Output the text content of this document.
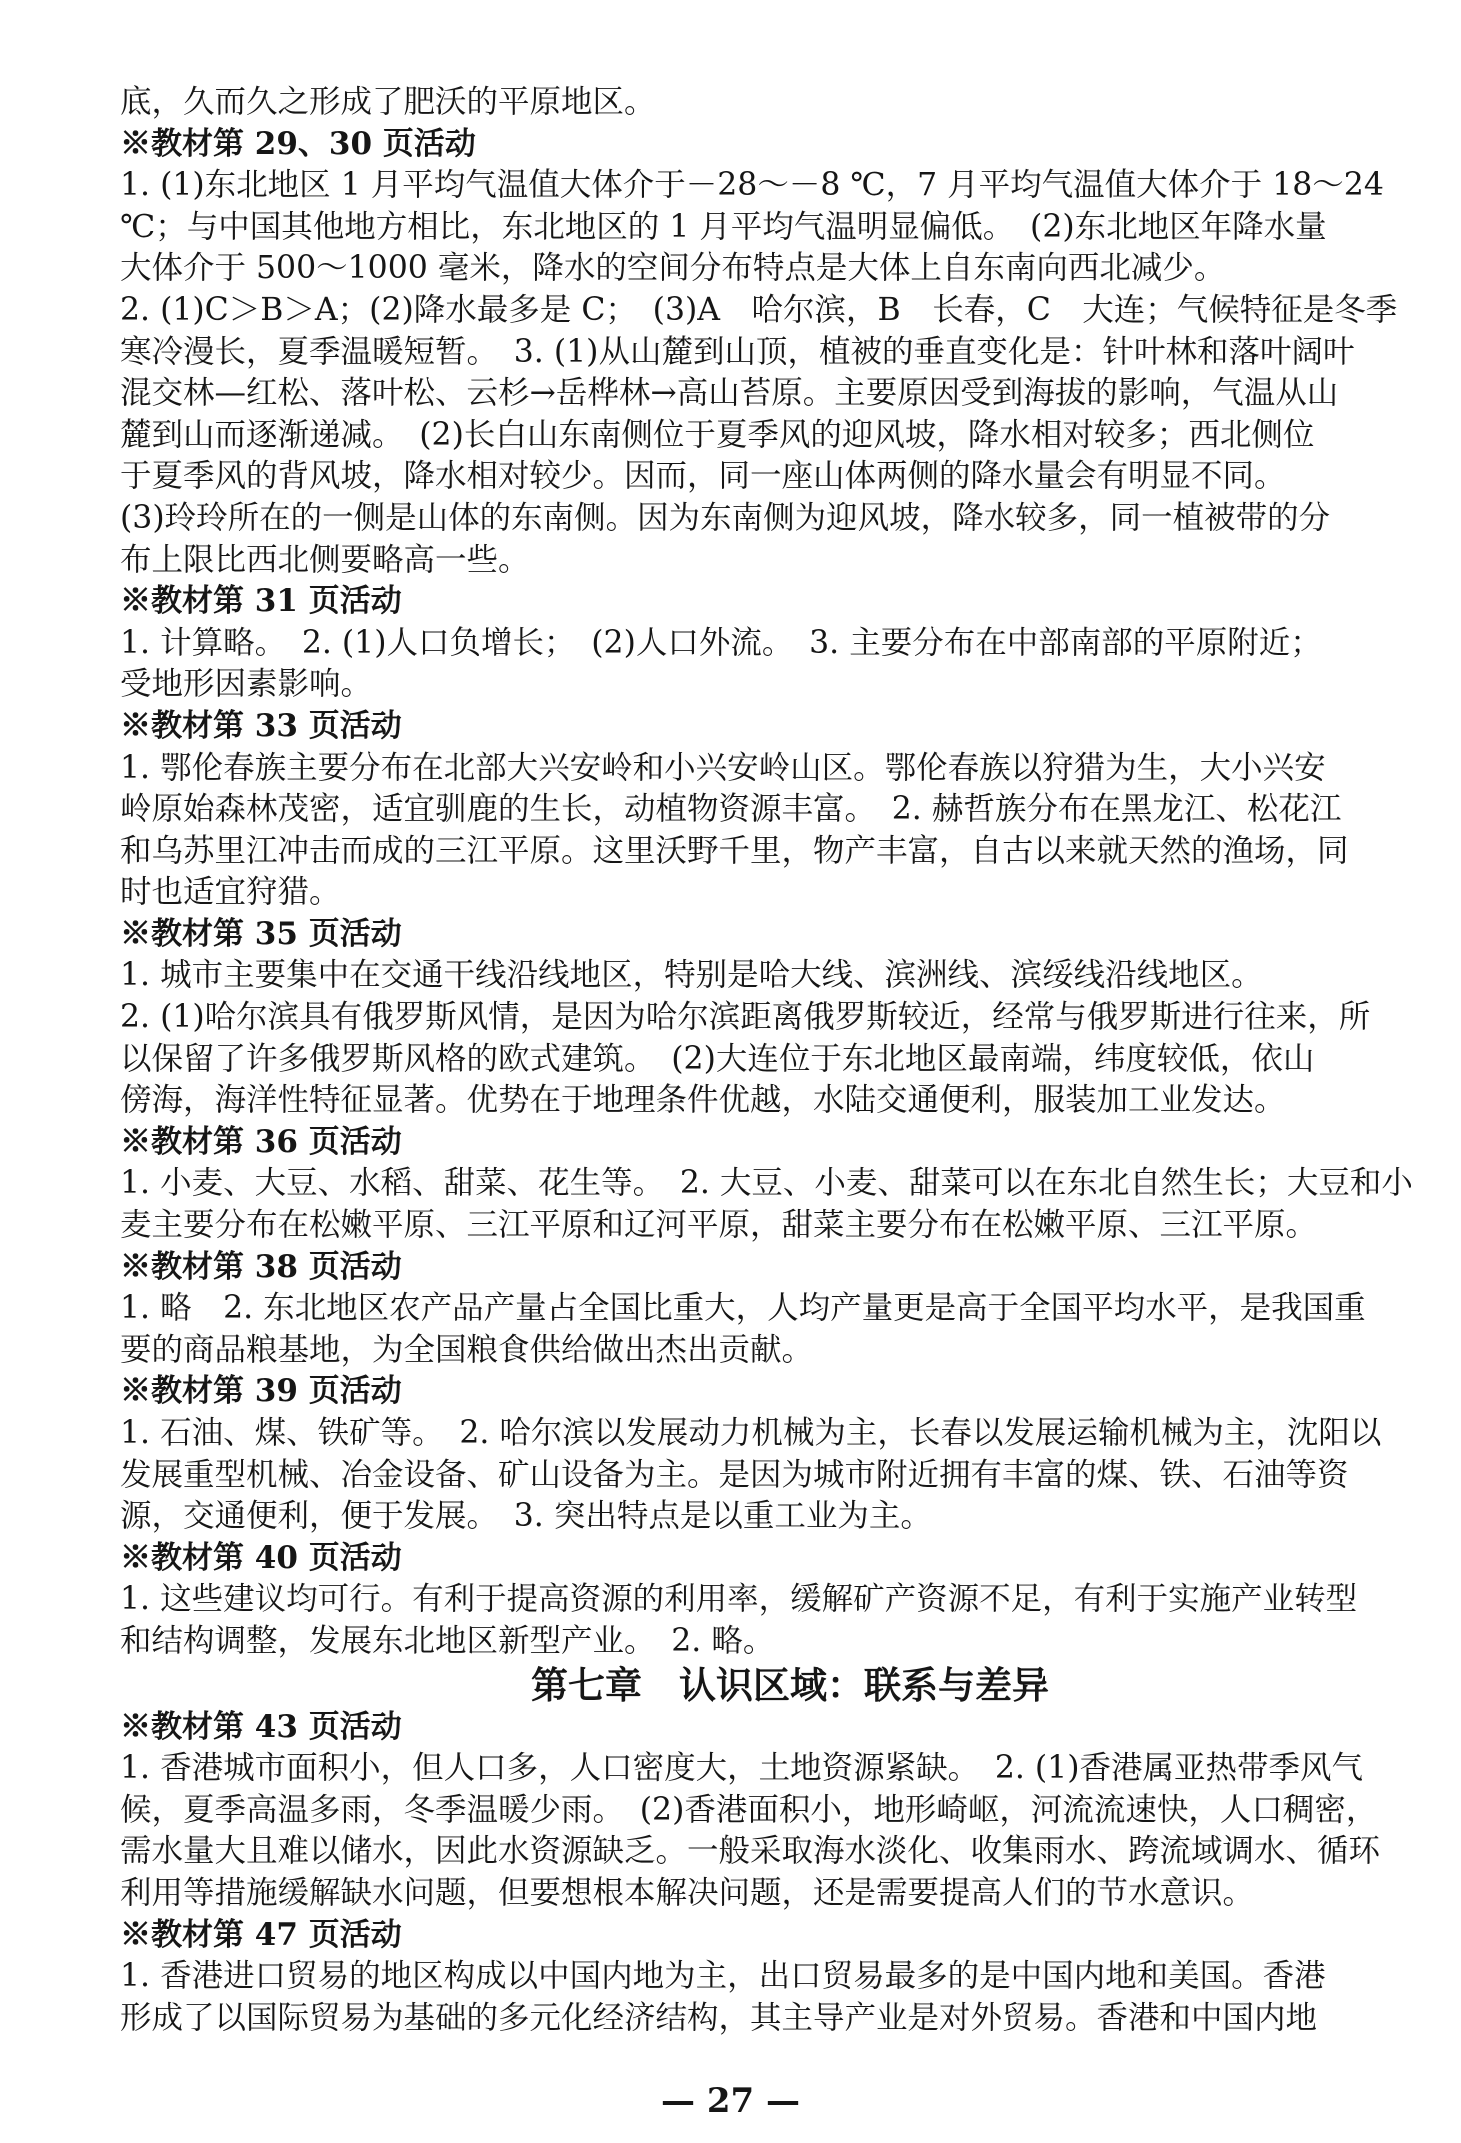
底，久而久之形成了肥沃的平原地区。

※教材第 29、30 页活动

1. (1)东北地区 1 月平均气温值大体介于－28～－8 ℃，7 月平均气温值大体介于 18～24

℃；与中国其他地方相比，东北地区的 1 月平均气温明显偏低。　(2)东北地区年降水量

大体介于 500～1000 毫米，降水的空间分布特点是大体上自东南向西北减少。

2. (1)C＞B＞A；(2)降水最多是 C；　(3)A　哈尔滨，B　长春，C　大连；气候特征是冬季

寒冷漫长，夏季温暖短暂。　3. (1)从山麓到山顶，植被的垂直变化是：针叶林和落叶阔叶

混交林—红松、落叶松、云杉→岳桦林→高山苔原。主要原因受到海拔的影响，气温从山

麓到山而逐渐递减。　(2)长白山东南侧位于夏季风的迎风坡，降水相对较多；西北侧位

于夏季风的背风坡，降水相对较少。因而，同一座山体两侧的降水量会有明显不同。

(3)玲玲所在的一侧是山体的东南侧。因为东南侧为迎风坡，降水较多，同一植被带的分

布上限比西北侧要略高一些。

※教材第 31 页活动

1. 计算略。　2. (1)人口负增长；　(2)人口外流。　3. 主要分布在中部南部的平原附近；

受地形因素影响。

※教材第 33 页活动

1. 鄂伦春族主要分布在北部大兴安岭和小兴安岭山区。鄂伦春族以狩猎为生，大小兴安

岭原始森林茂密，适宜驯鹿的生长，动植物资源丰富。　2. 赫哲族分布在黑龙江、松花江

和乌苏里江冲击而成的三江平原。这里沃野千里，物产丰富，自古以来就天然的渔场，同

时也适宜狩猎。

※教材第 35 页活动

1. 城市主要集中在交通干线沿线地区，特别是哈大线、滨洲线、滨绥线沿线地区。

2. (1)哈尔滨具有俄罗斯风情，是因为哈尔滨距离俄罗斯较近，经常与俄罗斯进行往来，所

以保留了许多俄罗斯风格的欧式建筑。　(2)大连位于东北地区最南端，纬度较低，依山

傍海，海洋性特征显著。优势在于地理条件优越，水陆交通便利，服装加工业发达。

※教材第 36 页活动

1. 小麦、大豆、水稻、甜菜、花生等。　2. 大豆、小麦、甜菜可以在东北自然生长；大豆和小

麦主要分布在松嫩平原、三江平原和辽河平原，甜菜主要分布在松嫩平原、三江平原。

※教材第 38 页活动

1. 略　2. 东北地区农产品产量占全国比重大，人均产量更是高于全国平均水平，是我国重

要的商品粮基地，为全国粮食供给做出杰出贡献。

※教材第 39 页活动

1. 石油、煤、铁矿等。　2. 哈尔滨以发展动力机械为主，长春以发展运输机械为主，沈阳以

发展重型机械、冶金设备、矿山设备为主。是因为城市附近拥有丰富的煤、铁、石油等资

源，交通便利，便于发展。　3. 突出特点是以重工业为主。

※教材第 40 页活动

1. 这些建议均可行。有利于提高资源的利用率，缓解矿产资源不足，有利于实施产业转型

和结构调整，发展东北地区新型产业。　2. 略。

第七章　认识区域：联系与差异

※教材第 43 页活动

1. 香港城市面积小，但人口多，人口密度大，土地资源紧缺。　2. (1)香港属亚热带季风气

候，夏季高温多雨，冬季温暖少雨。　(2)香港面积小，地形崎岖，河流流速快，人口稠密，

需水量大且难以储水，因此水资源缺乏。一般采取海水淡化、收集雨水、跨流域调水、循环

利用等措施缓解缺水问题，但要想根本解决问题，还是需要提高人们的节水意识。

※教材第 47 页活动

1. 香港进口贸易的地区构成以中国内地为主，出口贸易最多的是中国内地和美国。香港

形成了以国际贸易为基础的多元化经济结构，其主导产业是对外贸易。香港和中国内地

— 27 —
